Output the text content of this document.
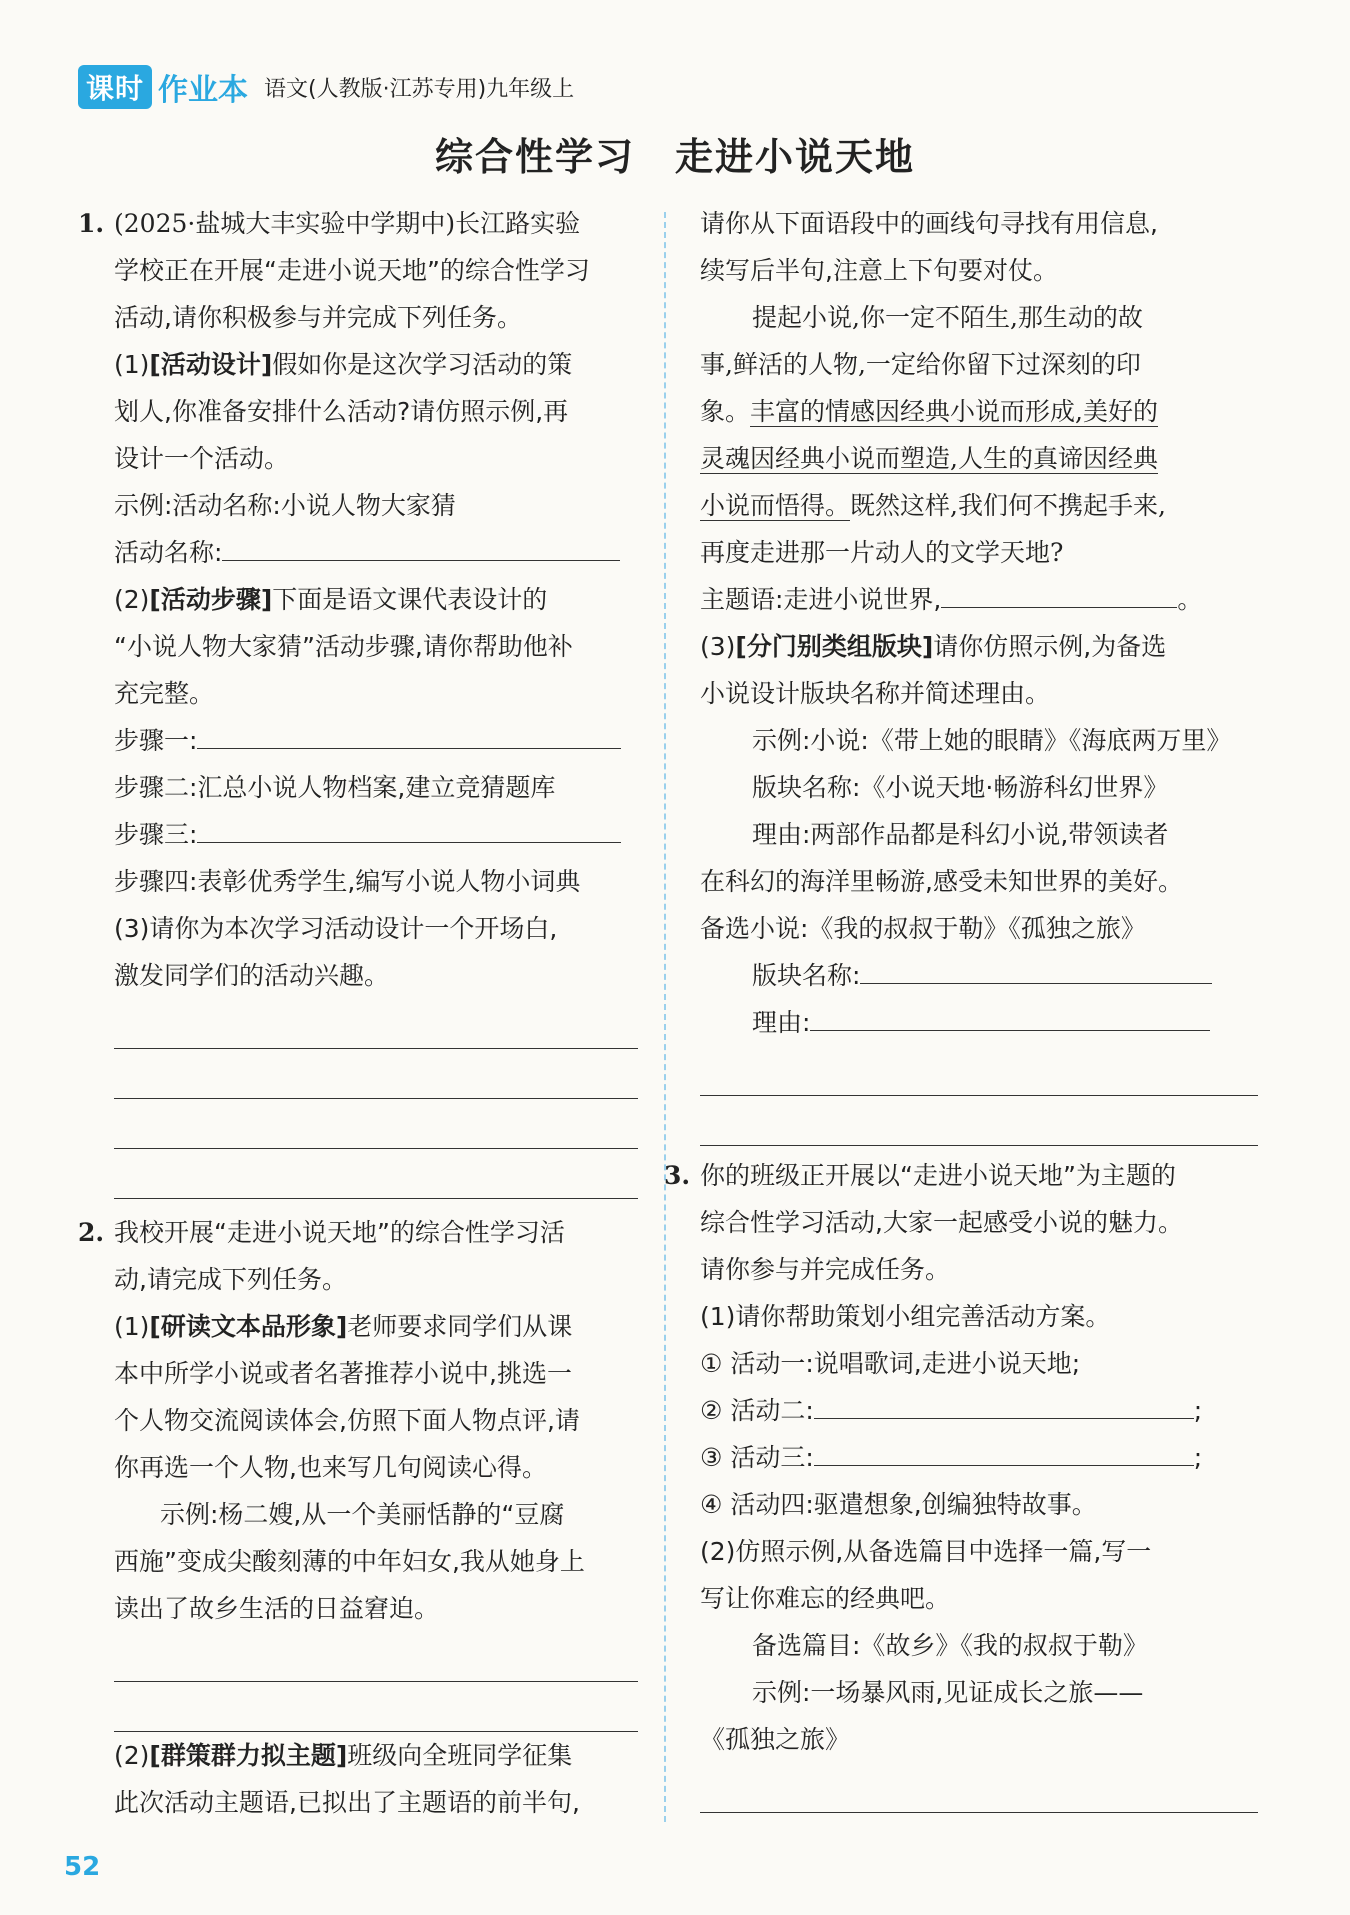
课时 作业本 语文(人教版·江苏专用)九年级上
综合性学习　走进小说天地

1. (2025·盐城大丰实验中学期中)长江路实验

学校正在开展“走进小说天地”的综合性学习

活动,请你积极参与并完成下列任务。

(1)[活动设计]假如你是这次学习活动的策

划人,你准备安排什么活动?请仿照示例,再

设计一个活动。

示例:活动名称:小说人物大家猜

活动名称:

(2)[活动步骤]下面是语文课代表设计的

“小说人物大家猜”活动步骤,请你帮助他补

充完整。

步骤一:

步骤二:汇总小说人物档案,建立竞猜题库

步骤三:

步骤四:表彰优秀学生,编写小说人物小词典

(3)请你为本次学习活动设计一个开场白,

激发同学们的活动兴趣。

2. 我校开展“走进小说天地”的综合性学习活

动,请完成下列任务。

(1)[研读文本品形象]老师要求同学们从课

本中所学小说或者名著推荐小说中,挑选一

个人物交流阅读体会,仿照下面人物点评,请

你再选一个人物,也来写几句阅读心得。

示例:杨二嫂,从一个美丽恬静的“豆腐

西施”变成尖酸刻薄的中年妇女,我从她身上

读出了故乡生活的日益窘迫。

(2)[群策群力拟主题]班级向全班同学征集

此次活动主题语,已拟出了主题语的前半句,

请你从下面语段中的画线句寻找有用信息,

续写后半句,注意上下句要对仗。

提起小说,你一定不陌生,那生动的故

事,鲜活的人物,一定给你留下过深刻的印

象。丰富的情感因经典小说而形成,美好的

灵魂因经典小说而塑造,人生的真谛因经典

小说而悟得。既然这样,我们何不携起手来,

再度走进那一片动人的文学天地?

主题语:走进小说世界,	。

(3)[分门别类组版块]请你仿照示例,为备选

小说设计版块名称并简述理由。

示例:小说:《带上她的眼睛》《海底两万里》

版块名称:《小说天地·畅游科幻世界》

理由:两部作品都是科幻小说,带领读者

在科幻的海洋里畅游,感受未知世界的美好。

备选小说:《我的叔叔于勒》《孤独之旅》

版块名称:

理由:

3. 你的班级正开展以“走进小说天地”为主题的

综合性学习活动,大家一起感受小说的魅力。

请你参与并完成任务。

(1)请你帮助策划小组完善活动方案。

① 活动一:说唱歌词,走进小说天地;

② 活动二:	;

③ 活动三:	;

④ 活动四:驱遣想象,创编独特故事。

(2)仿照示例,从备选篇目中选择一篇,写一

写让你难忘的经典吧。

备选篇目:《故乡》《我的叔叔于勒》

示例:一场暴风雨,见证成长之旅——

《孤独之旅》

52
